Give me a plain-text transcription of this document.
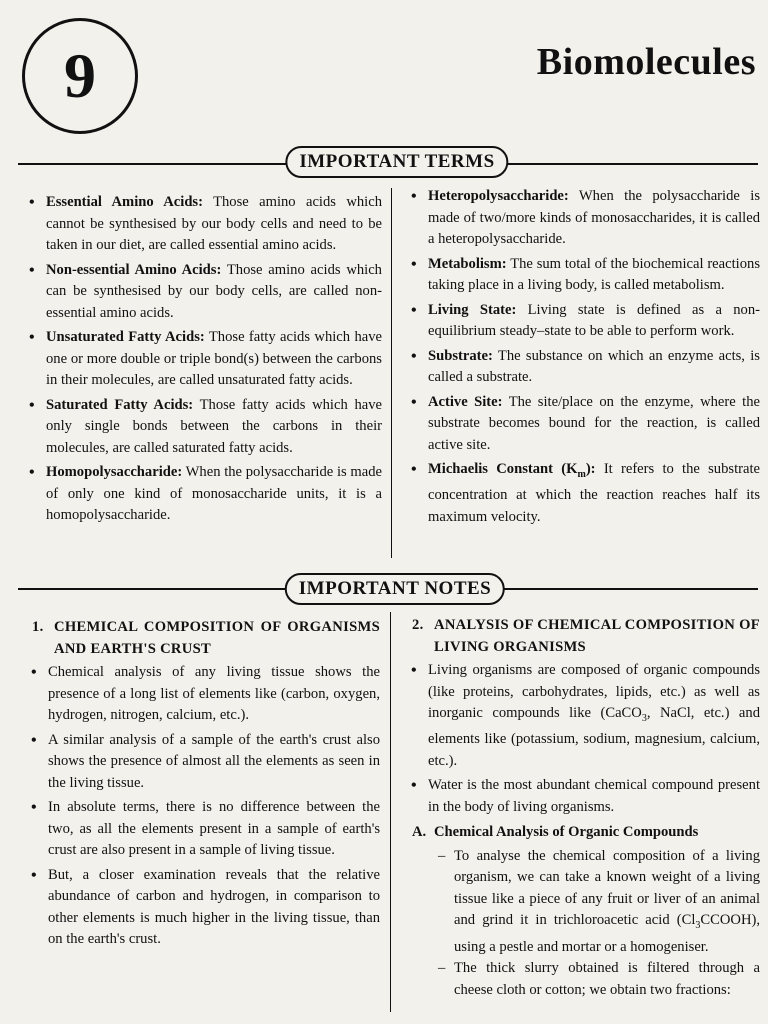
9	Biomolecules
IMPORTANT TERMS
• Essential Amino Acids: Those amino acids which cannot be synthesised by our body cells and need to be taken in our diet, are called essential amino acids.
• Non-essential Amino Acids: Those amino acids which can be synthesised by our body cells, are called non-essential amino acids.
• Unsaturated Fatty Acids: Those fatty acids which have one or more double or triple bond(s) between the carbons in their molecules, are called unsaturated fatty acids.
• Saturated Fatty Acids: Those fatty acids which have only single bonds between the carbons in their molecules, are called saturated fatty acids.
• Homopolysaccharide: When the polysaccharide is made of only one kind of monosaccharide units, it is a homopolysaccharide.
• Heteropolysaccharide: When the polysaccharide is made of two/more kinds of monosaccharides, it is called a heteropolysaccharide.
• Metabolism: The sum total of the biochemical reactions taking place in a living body, is called metabolism.
• Living State: Living state is defined as a non-equilibrium steady–state to be able to perform work.
• Substrate: The substance on which an enzyme acts, is called a substrate.
• Active Site: The site/place on the enzyme, where the substrate becomes bound for the reaction, is called active site.
• Michaelis Constant $(K_m)$: It refers to the substrate concentration at which the reaction reaches half its maximum velocity.
IMPORTANT NOTES
1. CHEMICAL COMPOSITION OF ORGANISMS AND EARTH'S CRUST
• Chemical analysis of any living tissue shows the presence of a long list of elements like (carbon, oxygen, hydrogen, nitrogen, calcium, etc.).
• A similar analysis of a sample of the earth's crust also shows the presence of almost all the elements as seen in the living tissue.
• In absolute terms, there is no difference between the two, as all the elements present in a sample of earth's crust are also present in a sample of living tissue.
• But, a closer examination reveals that the relative abundance of carbon and hydrogen, in comparison to other elements is much higher in the living tissue, than on the earth's crust.
2. ANALYSIS OF CHEMICAL COMPOSITION OF LIVING ORGANISMS
• Living organisms are composed of organic compounds (like proteins, carbohydrates, lipids, etc.) as well as inorganic compounds like (CaCO$_3$, NaCl, etc.) and elements like (potassium, sodium, magnesium, calcium, etc.).
• Water is the most abundant chemical compound present in the body of living organisms.
A. Chemical Analysis of Organic Compounds
– To analyse the chemical composition of a living organism, we can take a known weight of a living tissue like a piece of any fruit or liver of an animal and grind it in trichloroacetic acid $(Cl_3CCOOH)$, using a pestle and mortar or a homogeniser.
– The thick slurry obtained is filtered through a cheese cloth or cotton; we obtain two fractions:
